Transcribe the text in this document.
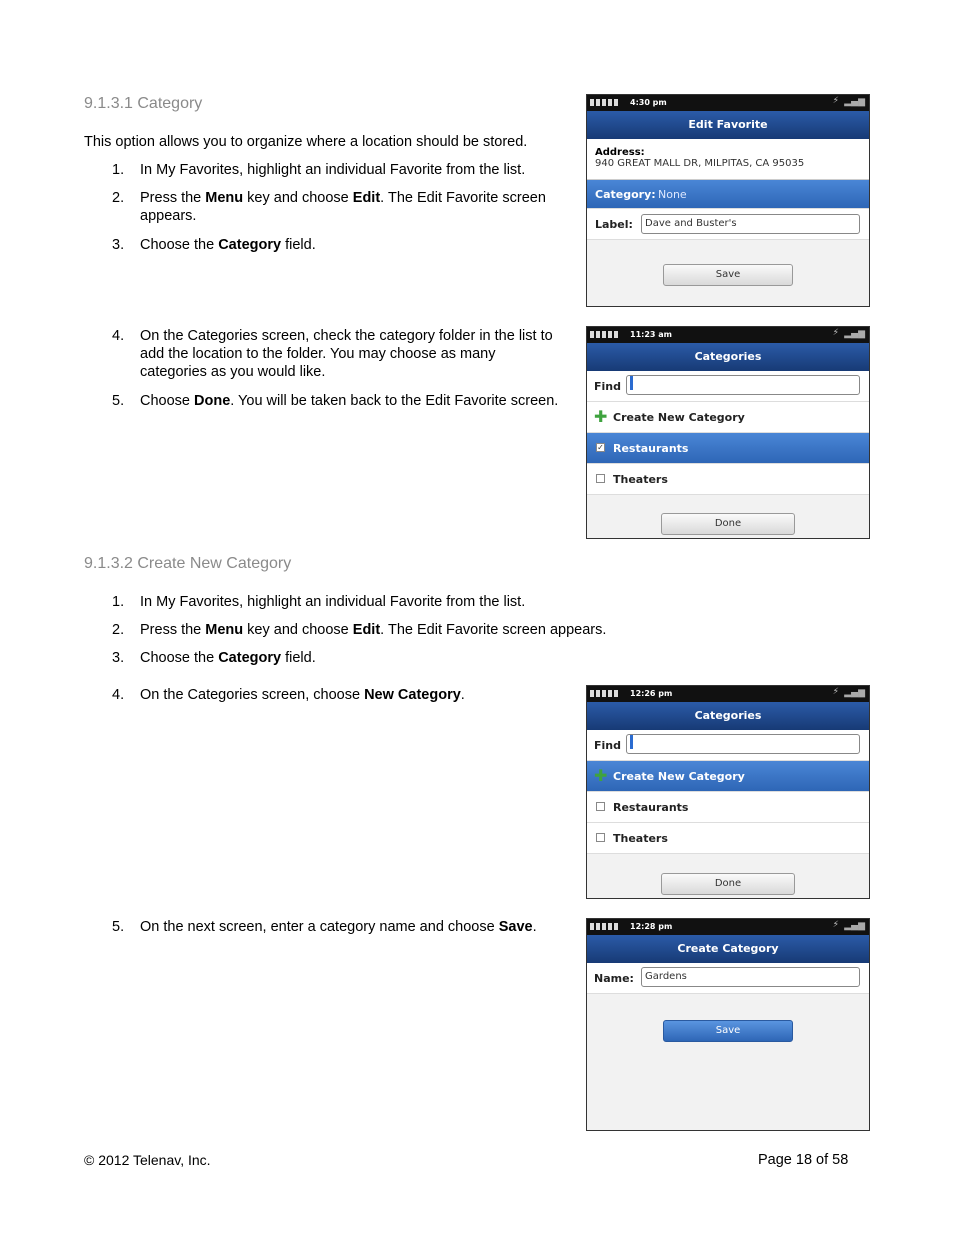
9.1.3.1 Category
This option allows you to organize where a location should be stored.
1. In My Favorites, highlight an individual Favorite from the list.
2. Press the Menu key and choose Edit. The Edit Favorite screen
appears.
3. Choose the Category field.
4. On the Categories screen, check the category folder in the list to
add the location to the folder. You may choose as many
categories as you would like.
5. Choose Done. You will be taken back to the Edit Favorite screen.
4:30 pm	⚡ ▂▄▆
Edit Favorite
Address:
940 GREAT MALL DR, MILPITAS, CA 95035
Category: None
Label:	Dave and Buster's
Save
11:23 am	⚡ ▂▄▆
Categories
Find
✚ Create New Category
✓ Restaurants
Theaters
Done
9.1.3.2 Create New Category
1. In My Favorites, highlight an individual Favorite from the list.
2. Press the Menu key and choose Edit. The Edit Favorite screen appears.
3. Choose the Category field.
4. On the Categories screen, choose New Category.	12:26 pm	⚡ ▂▄▆
Categories
Find
✚ Create New Category
Restaurants
Theaters
Done
5. On the next screen, enter a category name and choose Save.	12:28 pm	⚡ ▂▄▆
Create Category
Name:	Gardens
Save
© 2012 Telenav, Inc.	Page 18 of 58
